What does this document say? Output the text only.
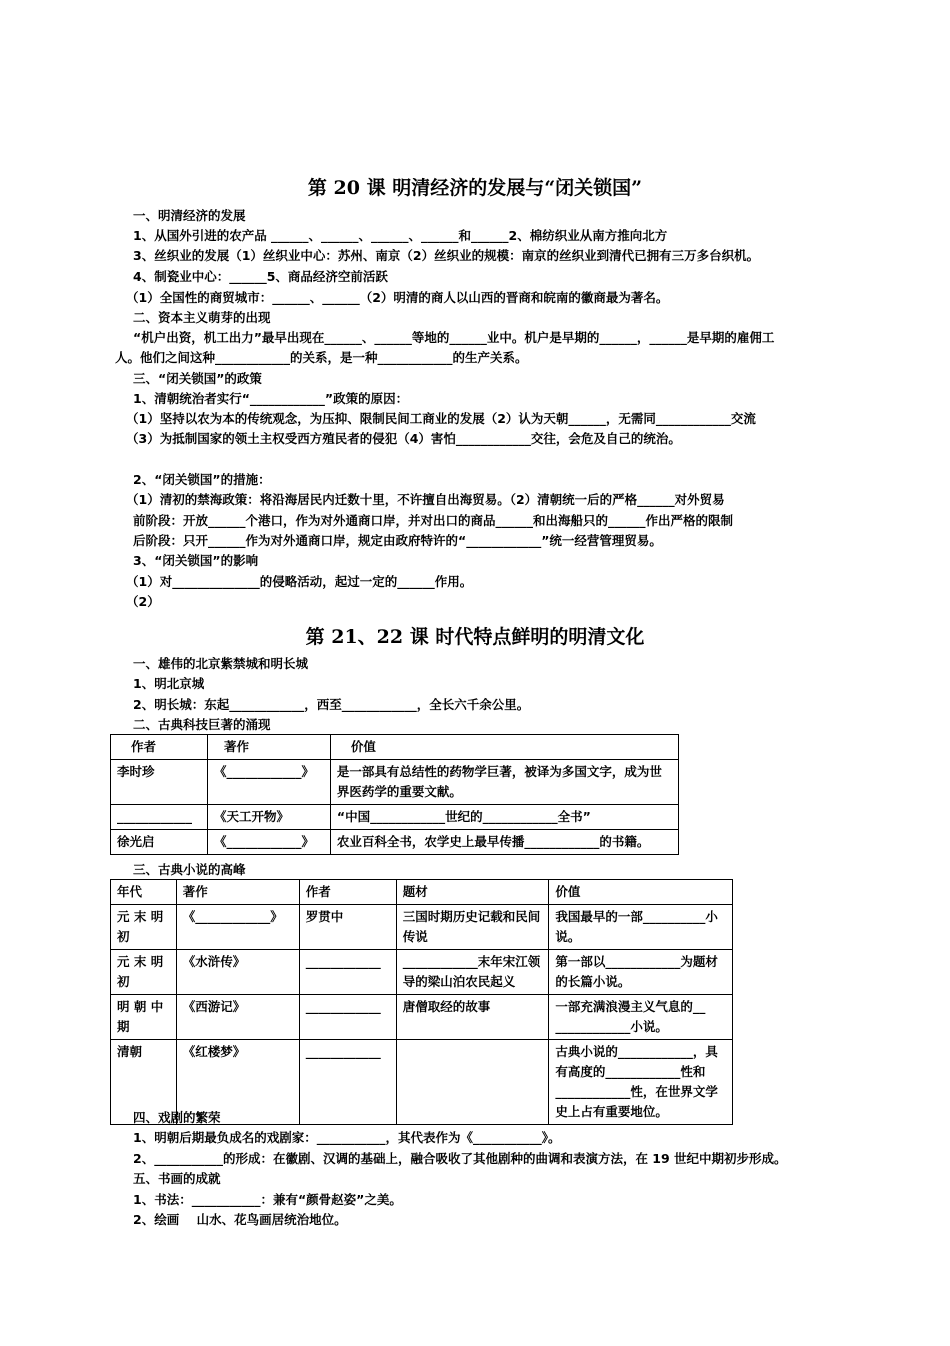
第 20 课 明清经济的发展与“闭关锁国”
一、明清经济的发展
1、从国外引进的农产品 ______、______、______、______和______2、棉纺织业从南方推向北方
3、丝织业的发展（1）丝织业中心：苏州、南京（2）丝织业的规模：南京的丝织业到清代已拥有三万多台织机。
4、制瓷业中心：______5、商品经济空前活跃
（1）全国性的商贸城市：______、______（2）明清的商人以山西的晋商和皖南的徽商最为著名。
二、资本主义萌芽的出现
“机户出资，机工出力”最早出现在______、______等地的______业中。机户是早期的______，______是早期的雇佣工
人。他们之间这种____________的关系，是一种____________的生产关系。
三、“闭关锁国”的政策
1、清朝统治者实行“____________”政策的原因：
（1）坚持以农为本的传统观念，为压抑、限制民间工商业的发展（2）认为天朝______，无需同____________交流
（3）为抵制国家的领土主权受西方殖民者的侵犯（4）害怕____________交往，会危及自己的统治。
2、“闭关锁国”的措施：
（1）清初的禁海政策：将沿海居民内迁数十里，不许擅自出海贸易。（2）清朝统一后的严格______对外贸易
前阶段：开放______个港口，作为对外通商口岸，并对出口的商品______和出海船只的______作出严格的限制
后阶段：只开______作为对外通商口岸，规定由政府特许的“____________”统一经营管理贸易。
3、“闭关锁国”的影响
（1）对______________的侵略活动，起过一定的______作用。
（2）
第 21、22 课 时代特点鲜明的明清文化
一、雄伟的北京紫禁城和明长城
1、明北京城
2、明长城：东起____________，西至____________，全长六千余公里。
二、古典科技巨著的涌现
作者	著作	价值
李时珍	《____________》	是一部具有总结性的药物学巨著，被译为多国文字，成为世界医药学的重要文献。
____________	《天工开物》	“中国____________世纪的____________全书”
徐光启	《____________》	农业百科全书，农学史上最早传播____________的书籍。
三、古典小说的高峰
年代	著作	作者	题材	价值
元 末 明初	《____________》	罗贯中	三国时期历史记载和民间传说	我国最早的一部__________小说。
元 末 明初	《水浒传》	____________	____________末年宋江领导的梁山泊农民起义	第一部以____________为题材的长篇小说。
明 朝 中期	《西游记》	____________	唐僧取经的故事	一部充满浪漫主义气息的__ ____________小说。
清朝	《红楼梦》	____________		古典小说的____________，具有高度的____________性和____________性，在世界文学史上占有重要地位。
四、戏剧的繁荣
1、明朝后期最负成名的戏剧家：___________，其代表作为《___________》。
2、___________的形成：在徽剧、汉调的基础上，融合吸收了其他剧种的曲调和表演方法，在 19 世纪中期初步形成。
五、书画的成就
1、书法：___________：兼有“颜骨赵姿”之美。
2、绘画    山水、花鸟画居统治地位。
